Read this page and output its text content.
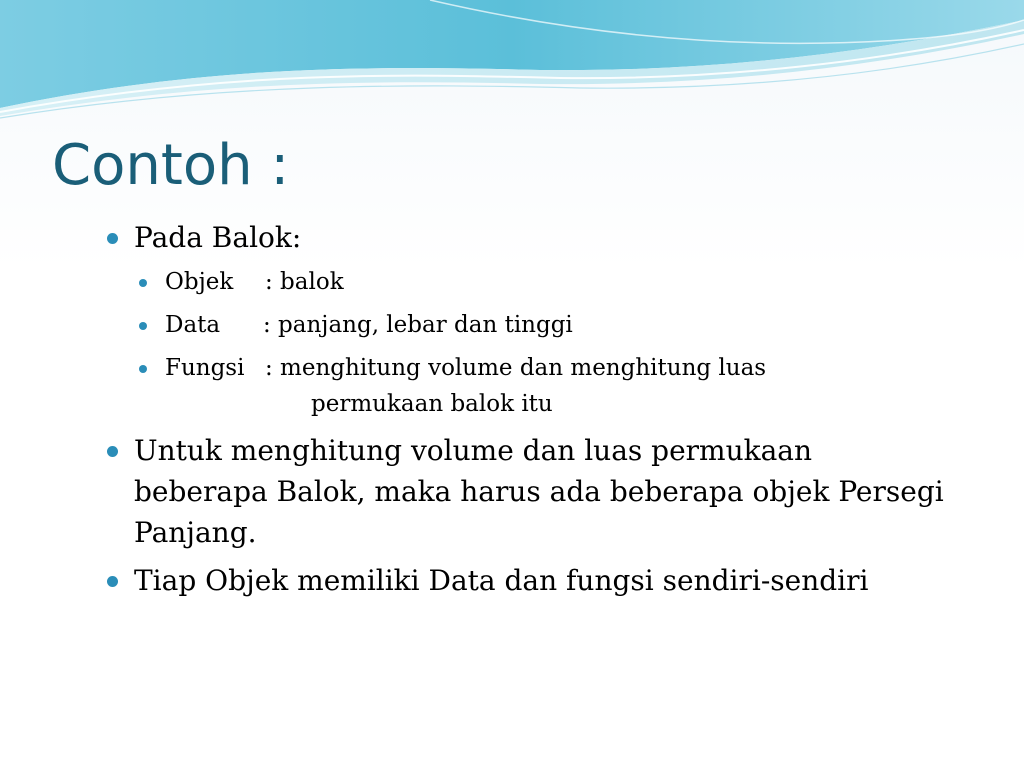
Contoh :
Pada Balok:
Objek : balok
Data : panjang, lebar dan tinggi
Fungsi : menghitung volume dan menghitung luas
permukaan balok itu
Untuk menghitung volume dan luas permukaan
beberapa Balok, maka harus ada beberapa objek Persegi
Panjang.
Tiap Objek memiliki Data dan fungsi sendiri-sendiri
